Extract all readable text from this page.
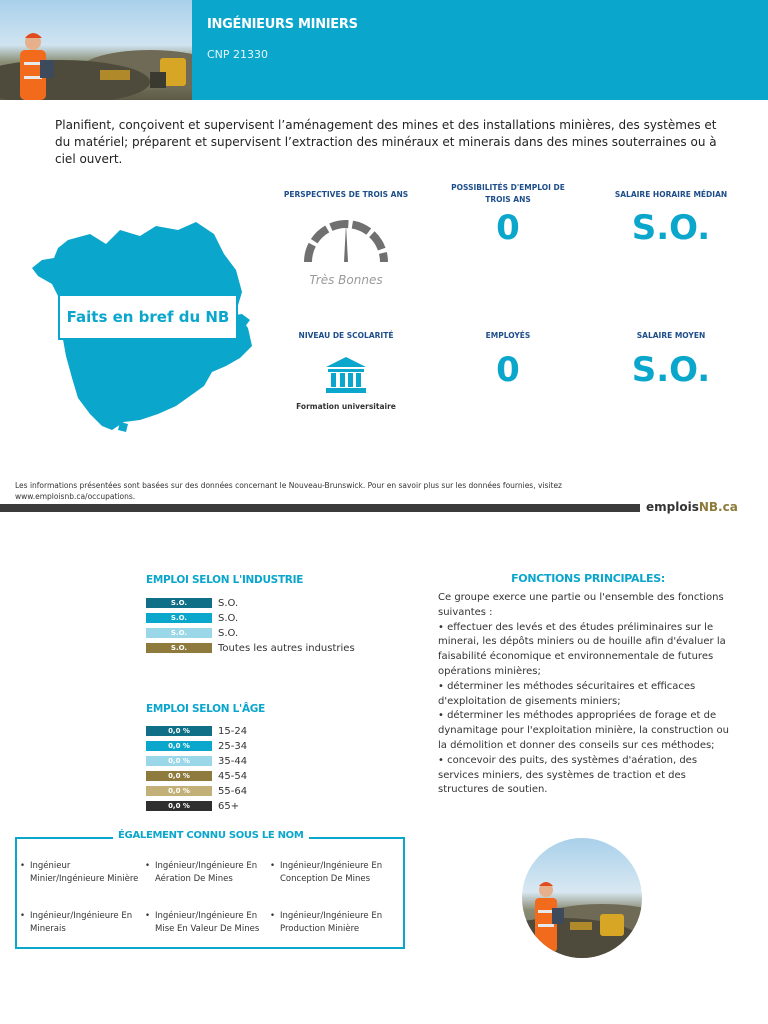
INGÉNIEURS MINIERS
CNP 21330
Planifient, conçoivent et supervisent l’aménagement des mines et des installations minières, des systèmes et du matériel; préparent et supervisent l’extraction des minéraux et minerais dans des mines souterraines ou à ciel ouvert.
Faits en bref du NB
PERSPECTIVES DE TROIS ANS
Très Bonnes
POSSIBILITÉS D'EMPLOI DE TROIS ANS
0
SALAIRE HORAIRE MÉDIAN
S.O.
NIVEAU DE SCOLARITÉ
Formation universitaire
EMPLOYÉS
0
SALAIRE MOYEN
S.O.
Les informations présentées sont basées sur des données concernant le Nouveau-Brunswick. Pour en savoir plus sur les données fournies, visitez www.emploisnb.ca/occupations.
emploisNB.ca
EMPLOI SELON L'INDUSTRIE
S.O.	S.O.
S.O.	S.O.
S.O.	S.O.
S.O.	Toutes les autres industries
EMPLOI SELON L'ÂGE
0,0 %	15-24
0,0 %	25-34
0,0 %	35-44
0,0 %	45-54
0,0 %	55-64
0,0 %	65+
FONCTIONS PRINCIPALES:

Ce groupe exerce une partie ou l'ensemble des fonctions suivantes :

• effectuer des levés et des études préliminaires sur le minerai, les dépôts miniers ou de houille afin d'évaluer la faisabilité économique et environnementale de futures opérations minières;

• déterminer les méthodes sécuritaires et efficaces d'exploitation de gisements miniers;

• déterminer les méthodes appropriées de forage et de dynamitage pour l'exploitation minière, la construction ou la démolition et donner des conseils sur ces méthodes;

• concevoir des puits, des systèmes d'aération, des services miniers, des systèmes de traction et des structures de soutien.

ÉGALEMENT CONNU SOUS LE NOM
• Ingénieur Minier/Ingénieure Minière
• Ingénieur/Ingénieure En Aération De Mines
• Ingénieur/Ingénieure En Conception De Mines
• Ingénieur/Ingénieure En Minerais
• Ingénieur/Ingénieure En Mise En Valeur De Mines
• Ingénieur/Ingénieure En Production Minière
